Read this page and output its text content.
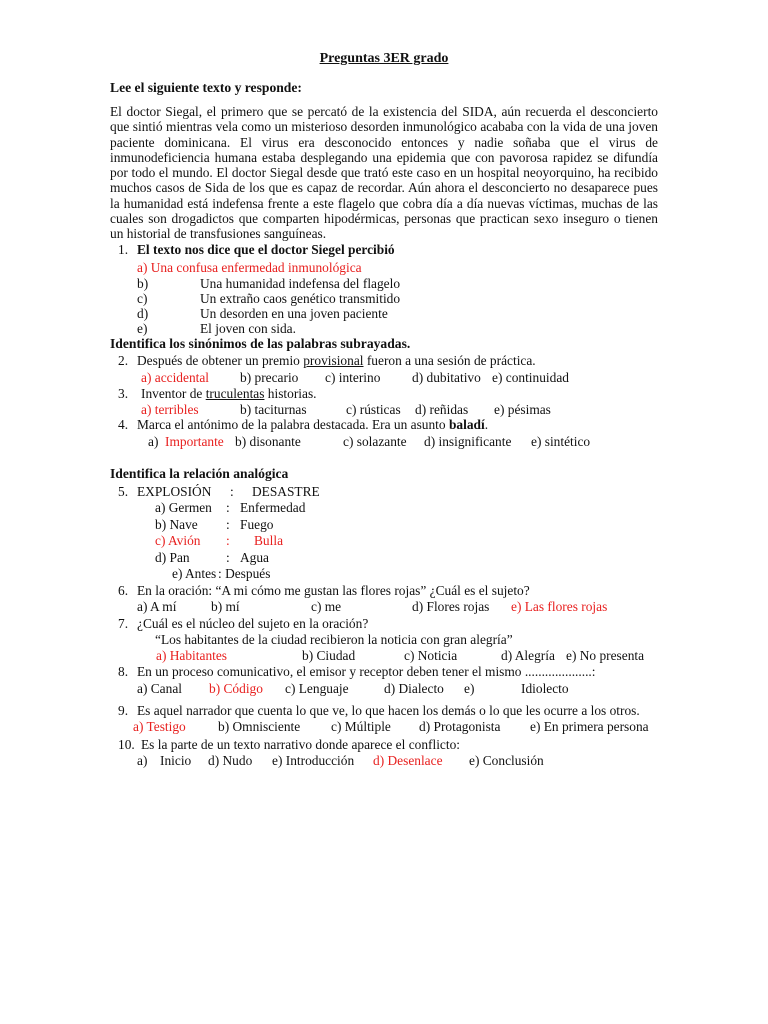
Preguntas 3ER grado
Lee el siguiente texto y responde:
El doctor Siegal, el primero que se percató de la existencia del SIDA, aún recuerda el desconcierto que sintió mientras vela como un misterioso desorden inmunológico acababa con la vida de una joven paciente dominicana. El virus era desconocido entonces y nadie soñaba que el virus de inmunodeficiencia humana estaba desplegando una epidemia que con pavorosa rapidez se difundía por todo el mundo. El doctor Siegal desde que trató este caso en un hospital neoyorquino, ha recibido muchos casos de Sida de los que es capaz de recordar. Aún ahora el desconcierto no desaparece pues la humanidad está indefensa frente a este flagelo que cobra día a día nuevas víctimas, muchas de las cuales son drogadictos que comparten hipodérmicas, personas que practican sexo inseguro o tienen un historial de transfusiones sanguíneas.
1. El texto nos dice que el doctor Siegel percibió
a) Una confusa enfermedad inmunológica
b)	Una humanidad indefensa del flagelo
c)	Un extraño caos genético transmitido
d)	Un desorden en una joven paciente
e)	El joven con sida.
Identifica los sinónimos de las palabras subrayadas.
2. Después de obtener un premio provisional fueron a una sesión de práctica.
a) accidental b) precario c) interino d) dubitativo e) continuidad
3. Inventor de truculentas historias.
a) terribles	b) taciturnas	c) rústicas d) reñidas e) pésimas
4. Marca el antónimo de la palabra destacada. Era un asunto baladí.
a) Importante b) disonante	c) solazante d) insignificante e) sintético
Identifica la relación analógica
5. EXPLOSIÓN : DESASTRE
a) Germen : Enfermedad
b) Nave : Fuego
c) Avión : Bulla
d) Pan	: Agua
e) Antes : Después
6. En la oración: “A mi cómo me gustan las flores rojas” ¿Cuál es el sujeto?
a) A mí	b) mí	c) me	d) Flores rojas e) Las flores rojas
7. ¿Cuál es el núcleo del sujeto en la oración?
“Los habitantes de la ciudad recibieron la noticia con gran alegría”
a) Habitantes	b) Ciudad	c) Noticia	d) Alegría e) No presenta
8. En un proceso comunicativo, el emisor y receptor deben tener el mismo ....................:
a) Canal b) Código c) Lenguaje	d) Dialecto e)	Idiolecto
9. Es aquel narrador que cuenta lo que ve, lo que hacen los demás o lo que les ocurre a los otros.
a) Testigo b) Omnisciente c) Múltiple d) Protagonista e) En primera persona
10. Es la parte de un texto narrativo donde aparece el conflicto:
a) Inicio d) Nudo e) Introducción d) Desenlace e) Conclusión
